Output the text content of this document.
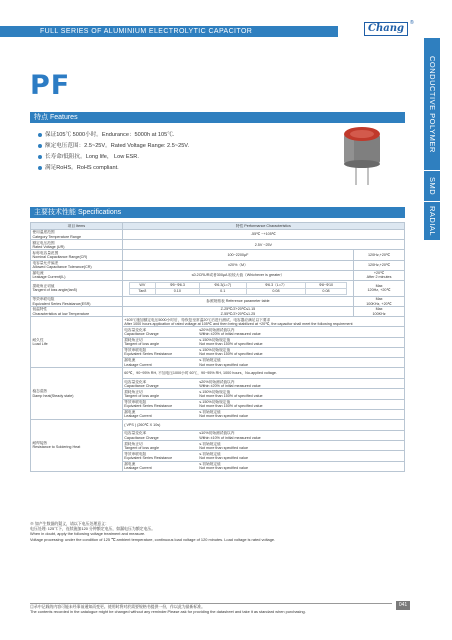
FULL SERIES OF ALUMINIUM ELECTROLYTIC CAPACITOR	Chang	®
CONDUCTIVE POLYMER
SMD
RADIAL
PF
特点 Features
保证105℃ 5000小时。Endurance：5000h at 105℃.
额定电压范围：2.5~25V。Rated Voltage Range: 2.5~25V.
长寿命/低阻抗。Long life， Low ESR.
满足RoHS。RoHS compliant.
主要技术性能 Specifications
项目 Items	特性 Performance Characteristics

使用温度范围
Category Temperature Range
	-55℃ ~+105℃

额定电压范围
Rated Voltage (UR)
	2.5V ~25V

标称电容量范围
Nominal Capacitance Range(CR)
	100~2200μF	120Hz,+20℃

电容量允许偏差
Allowed Capacitance Tolerance(CR)
	±20%（M）	120Hz,+20℃

漏电流
Leakage Current(IL)
	≤0.2CRUR或者300μA 取较大值（Whichever is greater）	
+20℃
After 2 minutes

损耗角正切值
Tangent of loss angle(tanδ)

WV	Φ5~Φ6.3	Φ6.3(L=7)	Φ6.3（L=7）	Φ8~Φ10
Tanδ	0.10	0.1	0.08	0.08

Max
120Hz, +20℃

等效串联电阻
Equivalent Series Resistance(ESR)
	参照规格表 Reference parameter table	
Max
100KHz, +20℃

低温特性
Characteristics at low Temperature

Z-25℃/Z+20℃≤1.15
Z-55℃/Z+20℃≤1.25

Max
100KHz

耐久性
Load Life

+105℃施加额定电压5000小时后，待恢复至常温20℃后进行测试，电容器应满足以下要求
After 1000 hours application of rated voltage at 105℃ and then being stabilized at +20℃, the capacitor shall meet the following requirement

电容量变化率
Capacitance Change
≤20%初始测试值以内
Within ±20% of initial measured value

损耗角正切
Tangent of loss angle
≤ 150%初始规定值
Not more than 150% of specified value

等效串联电阻
Equivalent Series Resistance
≤ 150%初始规定值
Not more than 150% of specified value

漏电流
Leakage Current
≤ 初始规定值
Not more than specified value

稳态湿热
Damp heat(Steady state)
	60℃，90~95% RH, 不加电压1000小时 60℃，90~95% RH, 1000 hours，No-applied voltage.

电容量变化率
Capacitance Change
≤20%初始测试值以内
Within ±20% of initial measured value

损耗角正切
Tangent of loss angle
≤ 150%初始规定值
Not more than 150% of specified value

等效串联电阻
Equivalent Series Resistance
≤ 150%初始规定值
Not more than 150% of specified value

漏电流
Leakage Current
≤ 初始规定值
Not more than specified value

耐焊接热
Resistance to Soldering Heat
	( VPS ) (260℃ X 10s)

电容量变化率
Capacitance Change
≤10%初始测试值以内
Within ±10% of initial measured value

损耗角正切
Tangent of loss angle
≤ 初始规定值
Not more than specified value

等效串联电阻
Equivalent Series Resistance
≤ 初始规定值
Not more than specified value

漏电流
Leakage Current
≤ 初始规定值
Not more than specified value
※ 如产生数据的疑义，请以下电压处理意义：
电压处理: 125℃下，连续施加120 分钟额定电压，如漏电压为额定电压。
When in doubt, apply the following voltage treatment and measure.
Voltage processing: under the condition of 125 ℃ ambient temperature, continuous load voltage of 120 minutes. Load voltage is rated voltage.
目录中记载的内容可能未经事前通知而变更。使用时将对於需要规格书提供一份，作以此为最新标准。
The contents recorded in the catalogue might be changed without any reminder.Please ask for providing the datasheet and take it as standard when purchasing.
041
